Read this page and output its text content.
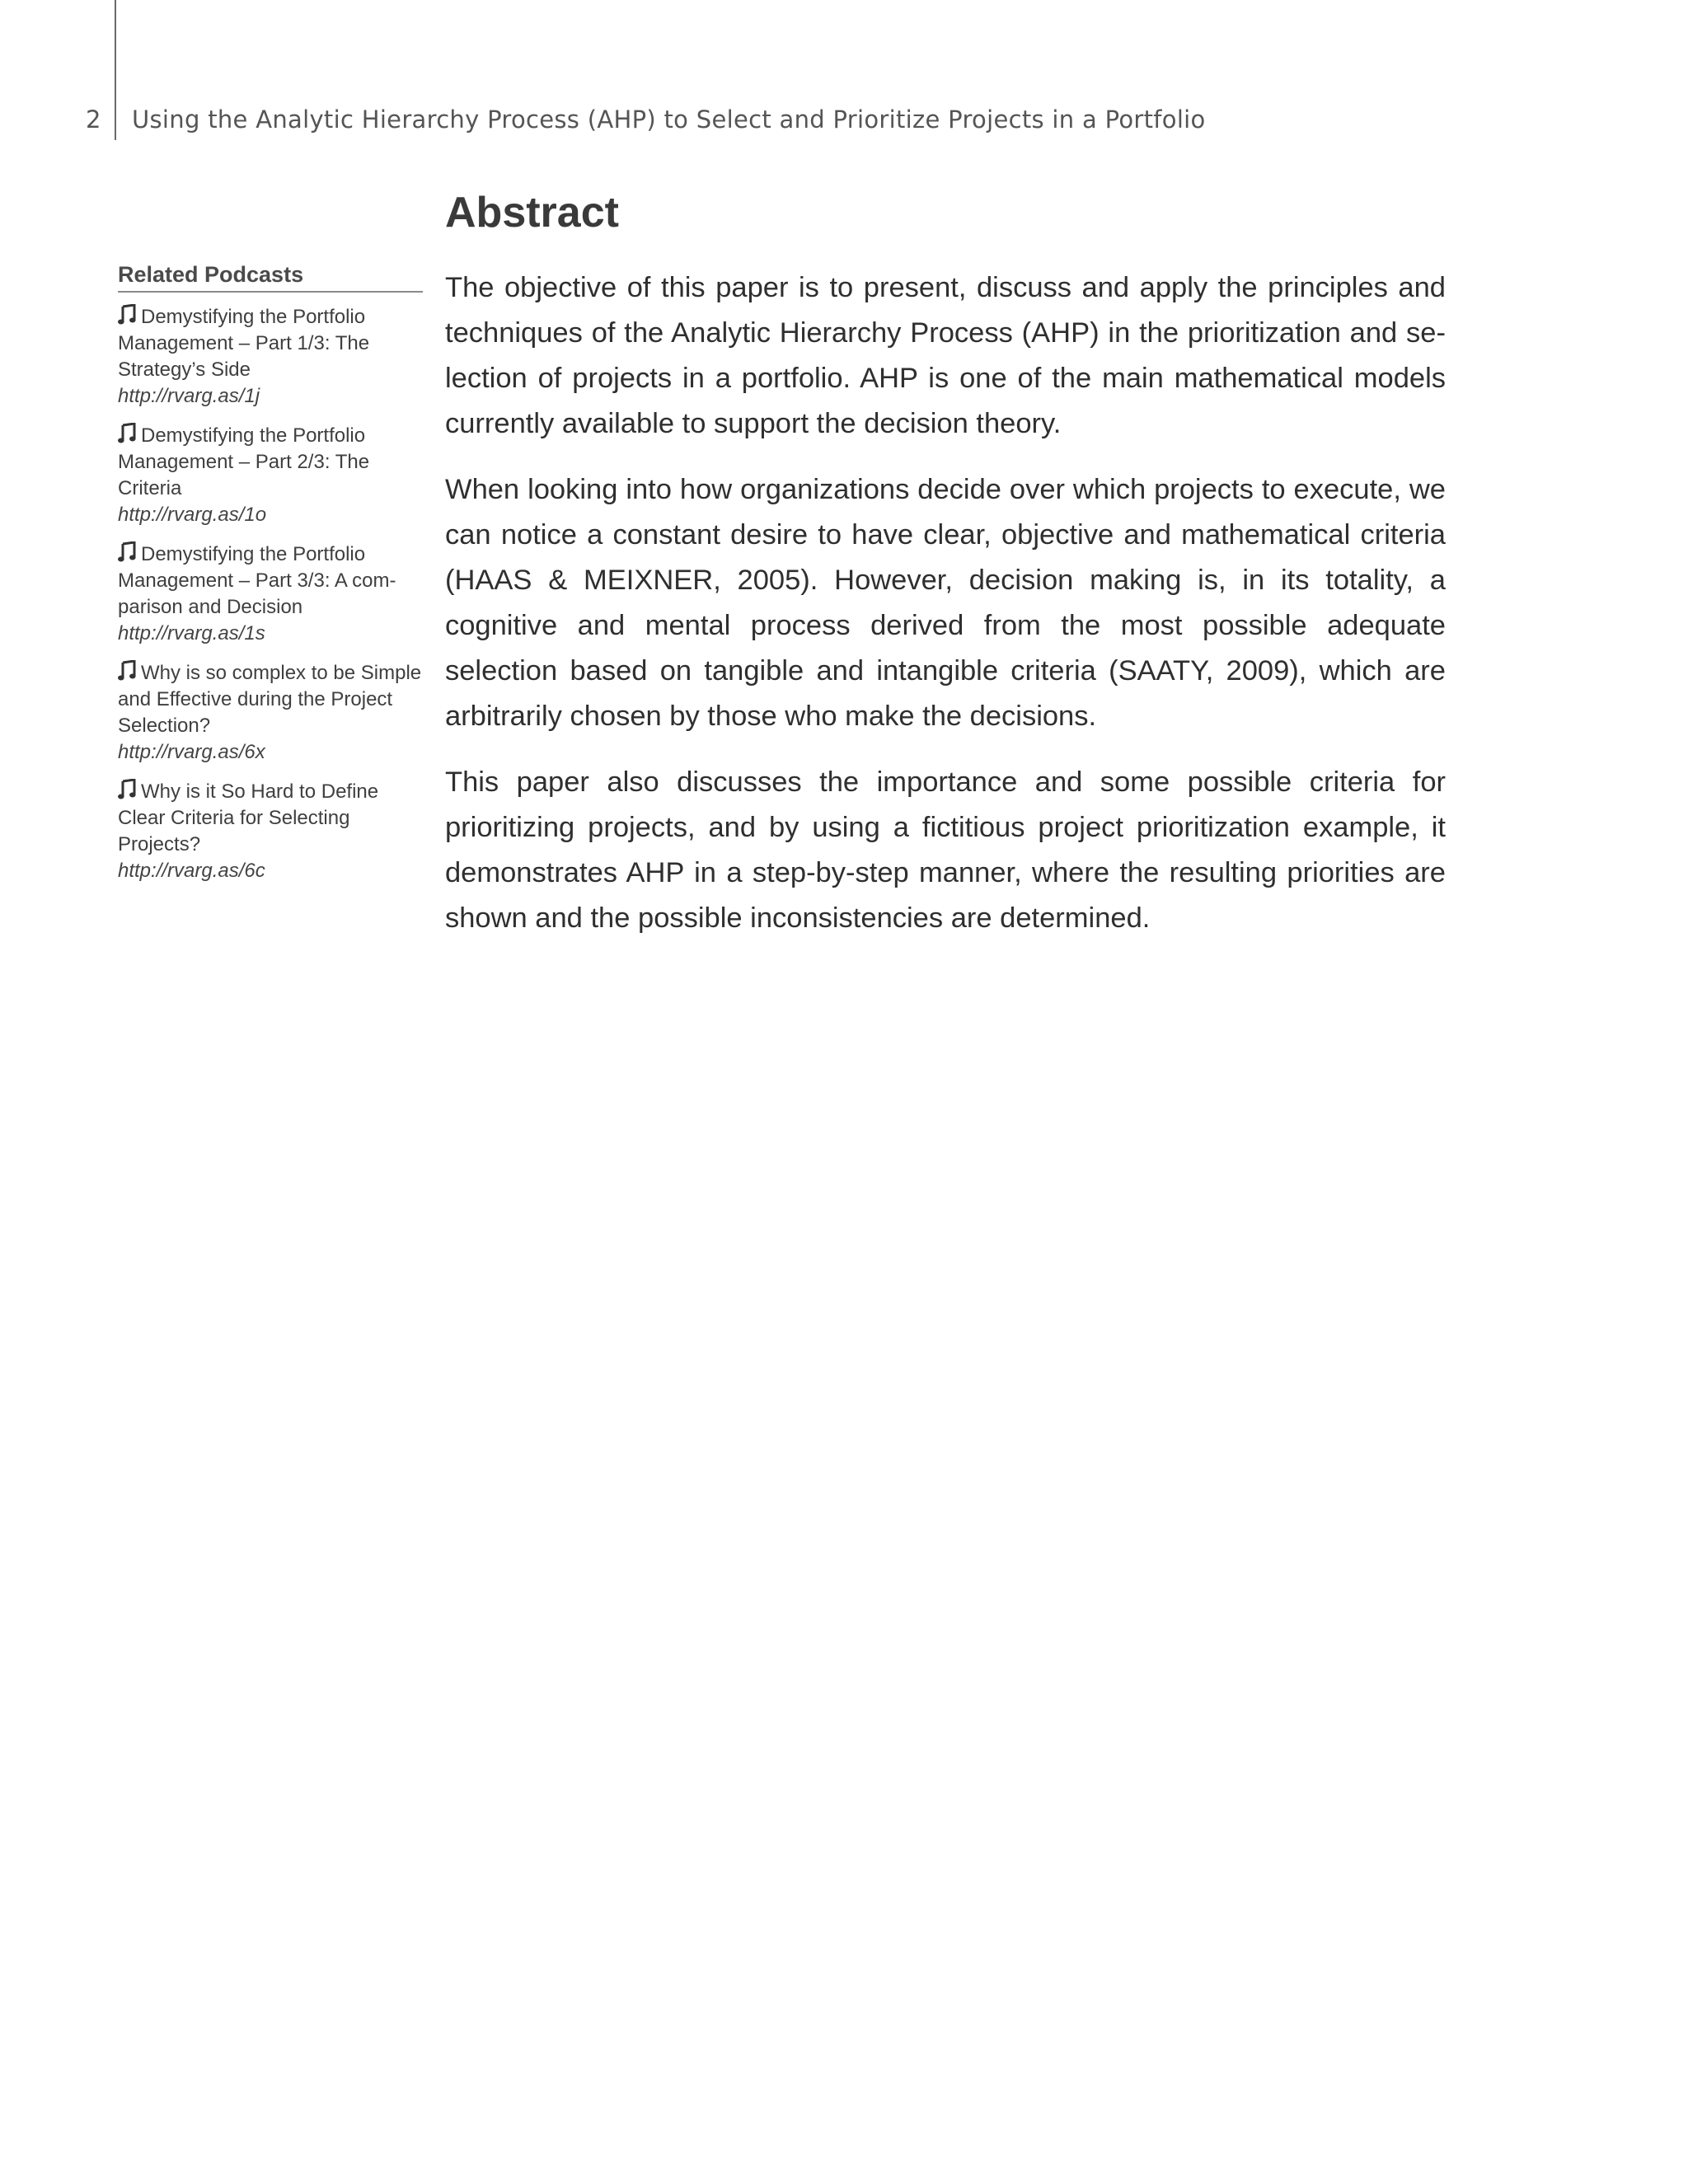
2 Using the Analytic Hierarchy Process (AHP) to Select and Prioritize Projects in a Portfolio
Related Podcasts
Demystifying the Portfolio Management – Part 1/3: The Strategy’s Side
http://rvarg.as/1j
Demystifying the Portfolio Management – Part 2/3: The Criteria
http://rvarg.as/1o
Demystifying the Portfolio Management – Part 3/3: A comparison and Decision
http://rvarg.as/1s
Why is so complex to be Simple and Effective during the Project Selection?
http://rvarg.as/6x
Why is it So Hard to Define Clear Criteria for Selecting Projects?
http://rvarg.as/6c
Abstract

The objective of this paper is to present, discuss and apply the principles and techniques of the Analytic Hierarchy Process (AHP) in the prioritization and selection of projects in a portfolio. AHP is one of the main mathematical models currently available to support the decision theory.

When looking into how organizations decide over which projects to execute, we can notice a constant desire to have clear, objective and mathematical criteria (HAAS & MEIXNER, 2005). However, decision making is, in its totality, a cognitive and mental process derived from the most possible adequate selection based on tangible and intangible criteria (SAATY, 2009), which are arbitrarily chosen by those who make the decisions.

This paper also discusses the importance and some possible criteria for prioritizing projects, and by using a fictitious project prioritization example, it demonstrates AHP in a step-by-step manner, where the resulting priorities are shown and the possible inconsistencies are determined.
